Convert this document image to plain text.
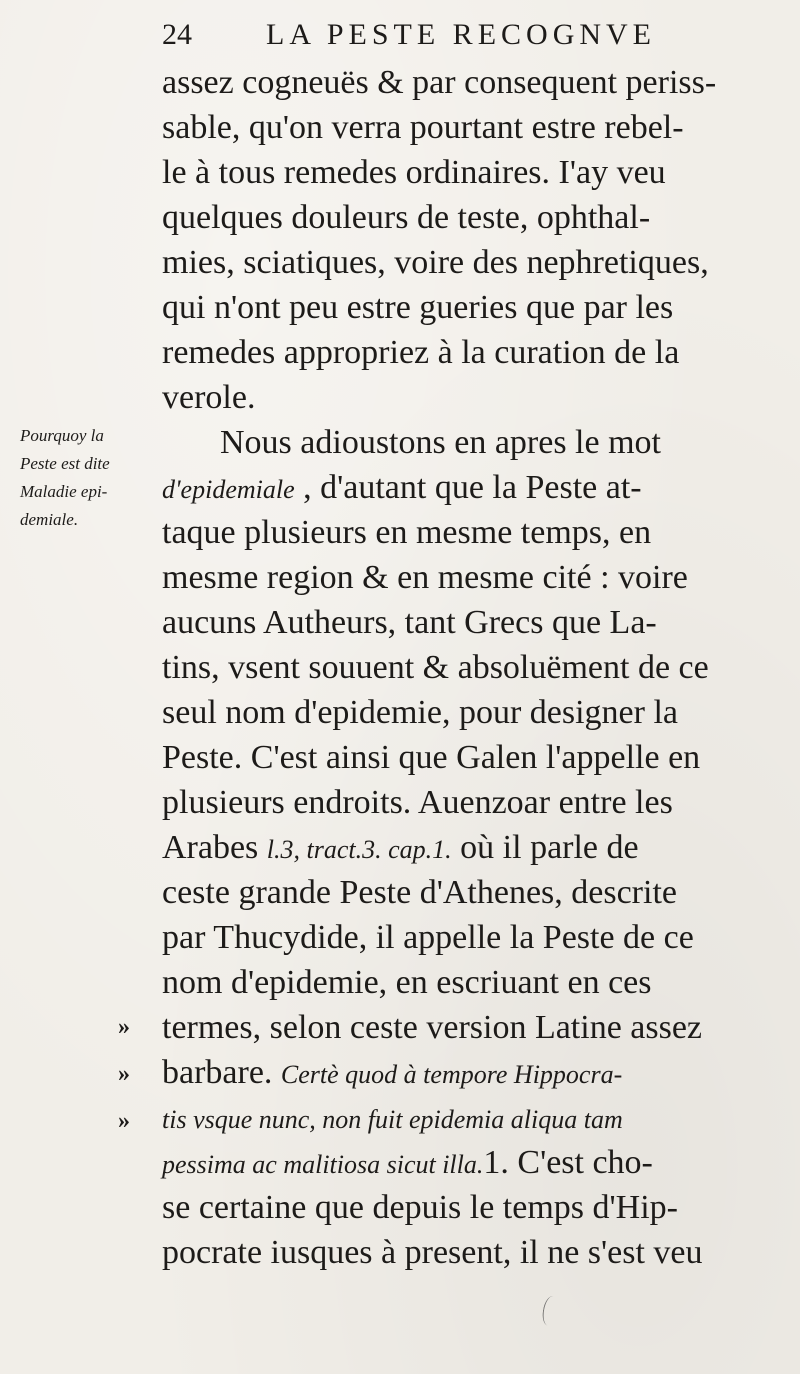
24 LA PESTE RECOGNVE
Pourquoy la
Peste est dite
Maladie epi-
demiale.
»
»
»
assez cogneuës & par consequent periss-
sable, qu'on verra pourtant estre rebel-
le à tous remedes ordinaires. I'ay veu
quelques douleurs de teste, ophthal-
mies, sciatiques, voire des nephretiques,
qui n'ont peu estre gueries que par les
remedes appropriez à la curation de la
verole.
Nous adioustons en apres le mot
d'epidemiale , d'autant que la Peste at-
taque plusieurs en mesme temps, en
mesme region & en mesme cité : voire
aucuns Autheurs, tant Grecs que La-
tins, vsent souuent & absoluëment de ce
seul nom d'epidemie, pour designer la
Peste. C'est ainsi que Galen l'appelle en
plusieurs endroits. Auenzoar entre les
Arabes l.3, tract.3. cap.1. où il parle de
ceste grande Peste d'Athenes, descrite
par Thucydide, il appelle la Peste de ce
nom d'epidemie, en escriuant en ces
termes, selon ceste version Latine assez
barbare. Certè quod à tempore Hippocra-
tis vsque nunc, non fuit epidemia aliqua tam
pessima ac malitiosa sicut illa.1. C'est cho-
se certaine que depuis le temps d'Hip-
pocrate iusques à present, il ne s'est veu
